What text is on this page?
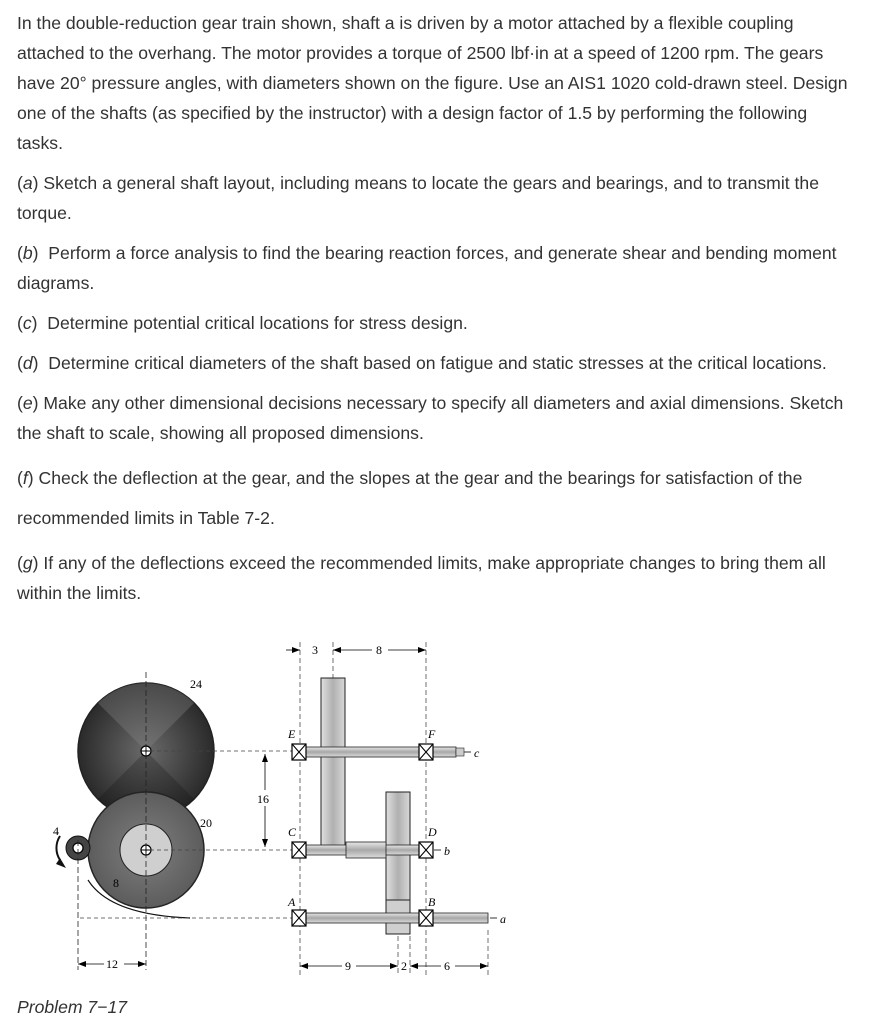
In the double-reduction gear train shown, shaft a is driven by a motor attached by a flexible coupling attached to the overhang. The motor provides a torque of 2500 lbf·in at a speed of 1200 rpm. The gears have 20° pressure angles, with diameters shown on the figure. Use an AIS1 1020 cold-drawn steel. Design one of the shafts (as specified by the instructor) with a design factor of 1.5 by performing the following tasks.

(a) Sketch a general shaft layout, including means to locate the gears and bearings, and to transmit the torque.

(b)  Perform a force analysis to find the bearing reaction forces, and generate shear and bending moment diagrams.

(c)  Determine potential critical locations for stress design.

(d)  Determine critical diameters of the shaft based on fatigue and static stresses at the critical locations.

(e) Make any other dimensional decisions necessary to specify all diameters and axial dimensions. Sketch the shaft to scale, showing all proposed dimensions.

(f) Check the deflection at the gear, and the slopes at the gear and the bearings for satisfaction of the recommended limits in Table 7-2.

(g) If any of the deflections exceed the recommended limits, make appropriate changes to bring them all within the limits.

24
20
8
4
12
16
E	F
C	D
A	B
c
b
a
3	8
9	2	6
Problem 7−17
